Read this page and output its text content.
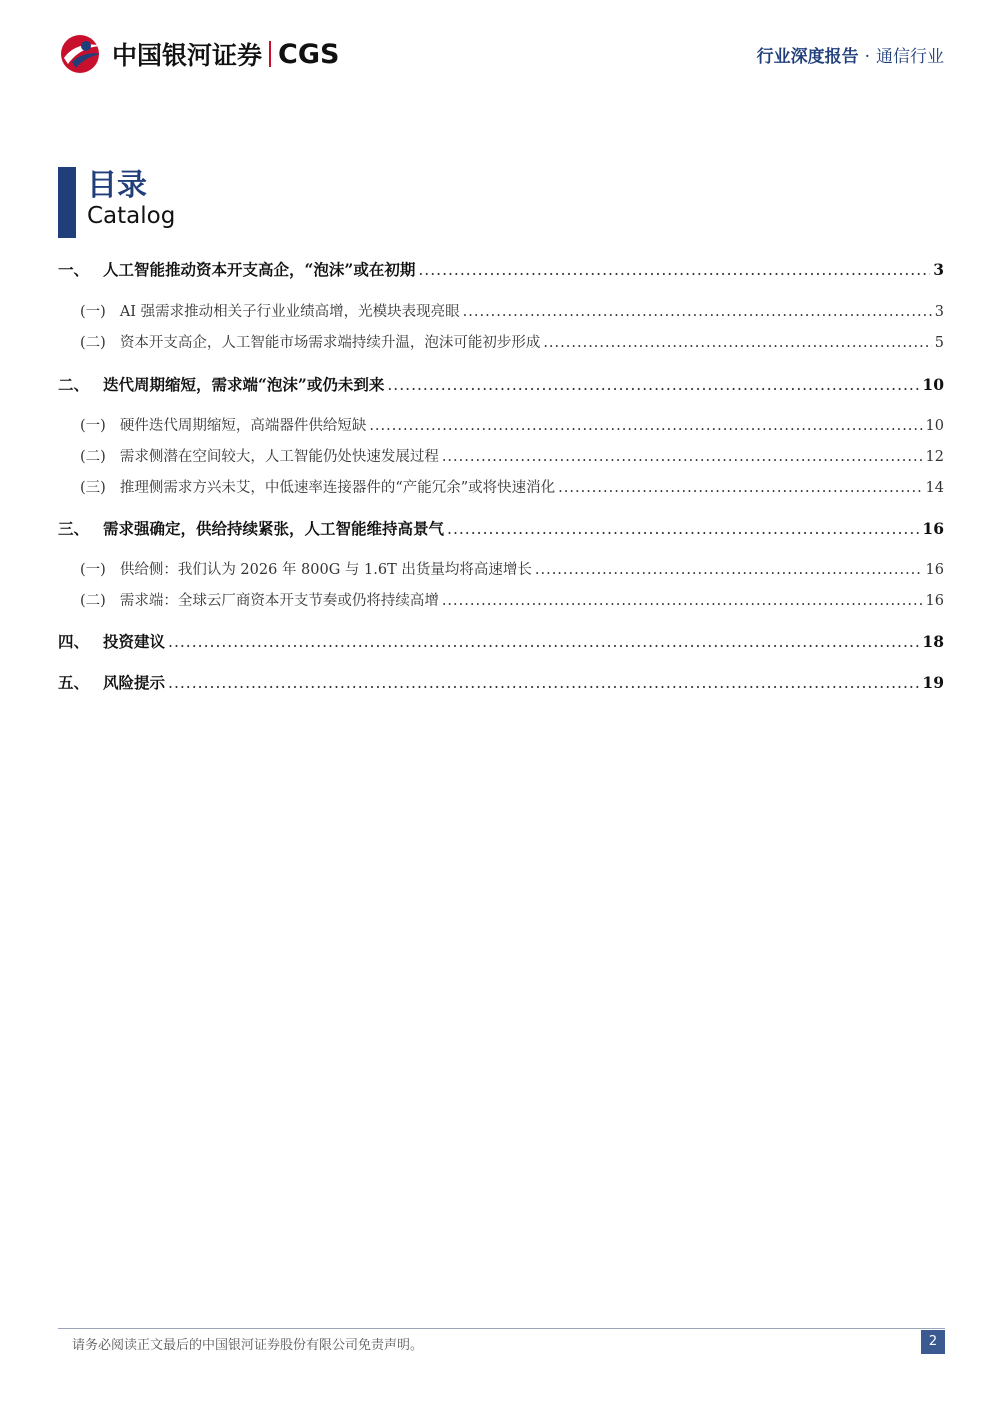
中国银河证券 CGS	行业深度报告 · 通信行业
目录
Catalog
一、 人工智能推动资本开支高企，“泡沫”或在初期 .....	3
(一) AI 强需求推动相关子行业业绩高增，光模块表现亮眼 .....	3
(二) 资本开支高企，人工智能市场需求端持续升温，泡沫可能初步形成 .....	5
二、 迭代周期缩短，需求端“泡沫”或仍未到来 .....	10
(一) 硬件迭代周期缩短，高端器件供给短缺 .....	10
(二) 需求侧潜在空间较大，人工智能仍处快速发展过程 .....	12
(三) 推理侧需求方兴未艾，中低速率连接器件的“产能冗余”或将快速消化 .....	14
三、 需求强确定，供给持续紧张，人工智能维持高景气 .....	16
(一) 供给侧：我们认为 2026 年 800G 与 1.6T 出货量均将高速增长 .....	16
(二) 需求端：全球云厂商资本开支节奏或仍将持续高增 .....	16
四、 投资建议 .....	18
五、 风险提示 .....	19
请务必阅读正文最后的中国银河证券股份有限公司免责声明。	2
